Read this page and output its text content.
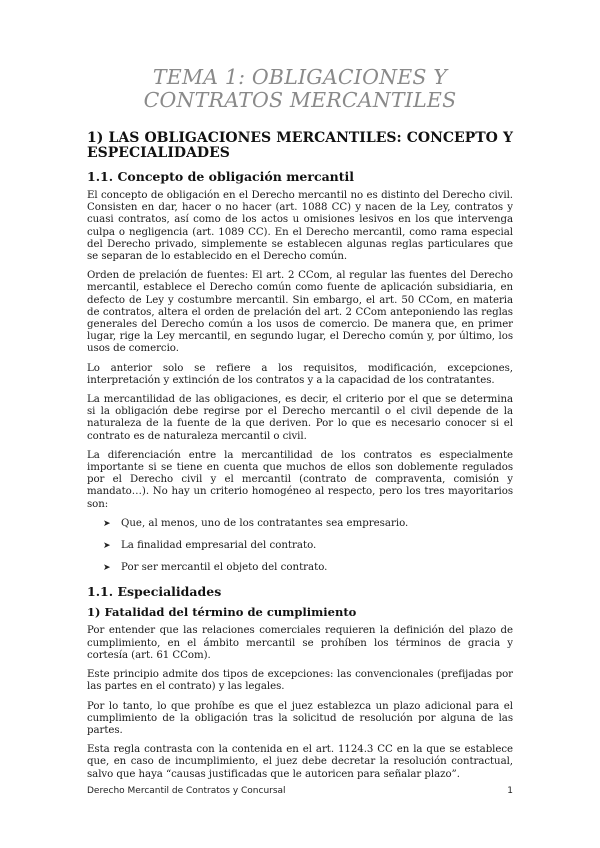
TEMA 1: OBLIGACIONES Y CONTRATOS MERCANTILES
1) LAS OBLIGACIONES MERCANTILES: CONCEPTO Y ESPECIALIDADES
1.1. Concepto de obligación mercantil

El concepto de obligación en el Derecho mercantil no es distinto del Derecho civil. Consisten en dar, hacer o no hacer (art. 1088 CC) y nacen de la Ley, contratos y cuasi contratos, así como de los actos u omisiones lesivos en los que intervenga culpa o negligencia (art. 1089 CC). En el Derecho mercantil, como rama especial del Derecho privado, simplemente se establecen algunas reglas particulares que se separan de lo establecido en el Derecho común.

Orden de prelación de fuentes: El art. 2 CCom, al regular las fuentes del Derecho mercantil, establece el Derecho común como fuente de aplicación subsidiaria, en defecto de Ley y costumbre mercantil. Sin embargo, el art. 50 CCom, en materia de contratos, altera el orden de prelación del art. 2 CCom anteponiendo las reglas generales del Derecho común a los usos de comercio. De manera que, en primer lugar, rige la Ley mercantil, en segundo lugar, el Derecho común y, por último, los usos de comercio.

Lo anterior solo se refiere a los requisitos, modificación, excepciones, interpretación y extinción de los contratos y a la capacidad de los contratantes.

La mercantilidad de las obligaciones, es decir, el criterio por el que se determina si la obligación debe regirse por el Derecho mercantil o el civil depende de la naturaleza de la fuente de la que deriven. Por lo que es necesario conocer si el contrato es de naturaleza mercantil o civil.

La diferenciación entre la mercantilidad de los contratos es especialmente importante si se tiene en cuenta que muchos de ellos son doblemente regulados por el Derecho civil y el mercantil (contrato de compraventa, comisión y mandato…). No hay un criterio homogéneo al respecto, pero los tres mayoritarios son:

➤ Que, al menos, uno de los contratantes sea empresario.
➤ La finalidad empresarial del contrato.
➤ Por ser mercantil el objeto del contrato.
1.1. Especialidades
1) Fatalidad del término de cumplimiento

Por entender que las relaciones comerciales requieren la definición del plazo de cumplimiento, en el ámbito mercantil se prohíben los términos de gracia y cortesía (art. 61 CCom).

Este principio admite dos tipos de excepciones: las convencionales (prefijadas por las partes en el contrato) y las legales.

Por lo tanto, lo que prohíbe es que el juez establezca un plazo adicional para el cumplimiento de la obligación tras la solicitud de resolución por alguna de las partes.

Esta regla contrasta con la contenida en el art. 1124.3 CC en la que se establece que, en caso de incumplimiento, el juez debe decretar la resolución contractual, salvo que haya “causas justificadas que le autoricen para señalar plazo”.

Derecho Mercantil de Contratos y Concursal	1
